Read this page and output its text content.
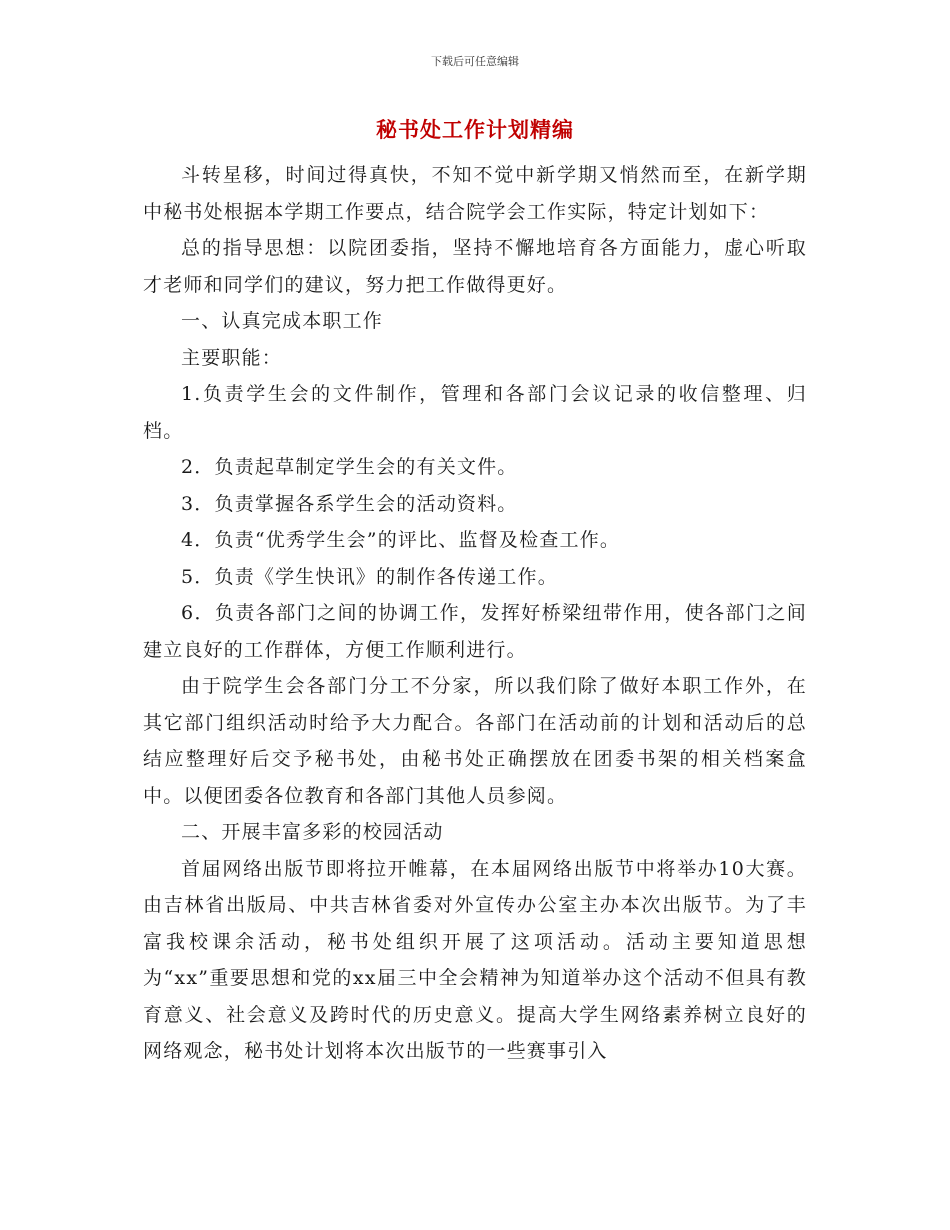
下载后可任意编辑
秘书处工作计划精编

斗转星移，时间过得真快，不知不觉中新学期又悄然而至，在新学期中秘书处根据本学期工作要点，结合院学会工作实际，特定计划如下：

总的指导思想：以院团委指，坚持不懈地培育各方面能力，虚心听取才老师和同学们的建议，努力把工作做得更好。

一、认真完成本职工作

主要职能：

1.负责学生会的文件制作，管理和各部门会议记录的收信整理、归档。

2．负责起草制定学生会的有关文件。

3．负责掌握各系学生会的活动资料。

4．负责“优秀学生会”的评比、监督及检查工作。

5．负责《学生快讯》的制作各传递工作。

6．负责各部门之间的协调工作，发挥好桥梁纽带作用，使各部门之间建立良好的工作群体，方便工作顺利进行。

由于院学生会各部门分工不分家，所以我们除了做好本职工作外，在其它部门组织活动时给予大力配合。各部门在活动前的计划和活动后的总结应整理好后交予秘书处，由秘书处正确摆放在团委书架的相关档案盒中。以便团委各位教育和各部门其他人员参阅。

二、开展丰富多彩的校园活动

首届网络出版节即将拉开帷幕，在本届网络出版节中将举办10大赛。由吉林省出版局、中共吉林省委对外宣传办公室主办本次出版节。为了丰富我校课余活动，秘书处组织开展了这项活动。活动主要知道思想为“xx”重要思想和党的xx届三中全会精神为知道举办这个活动不但具有教育意义、社会意义及跨时代的历史意义。提高大学生网络素养树立良好的网络观念，秘书处计划将本次出版节的一些赛事引入
